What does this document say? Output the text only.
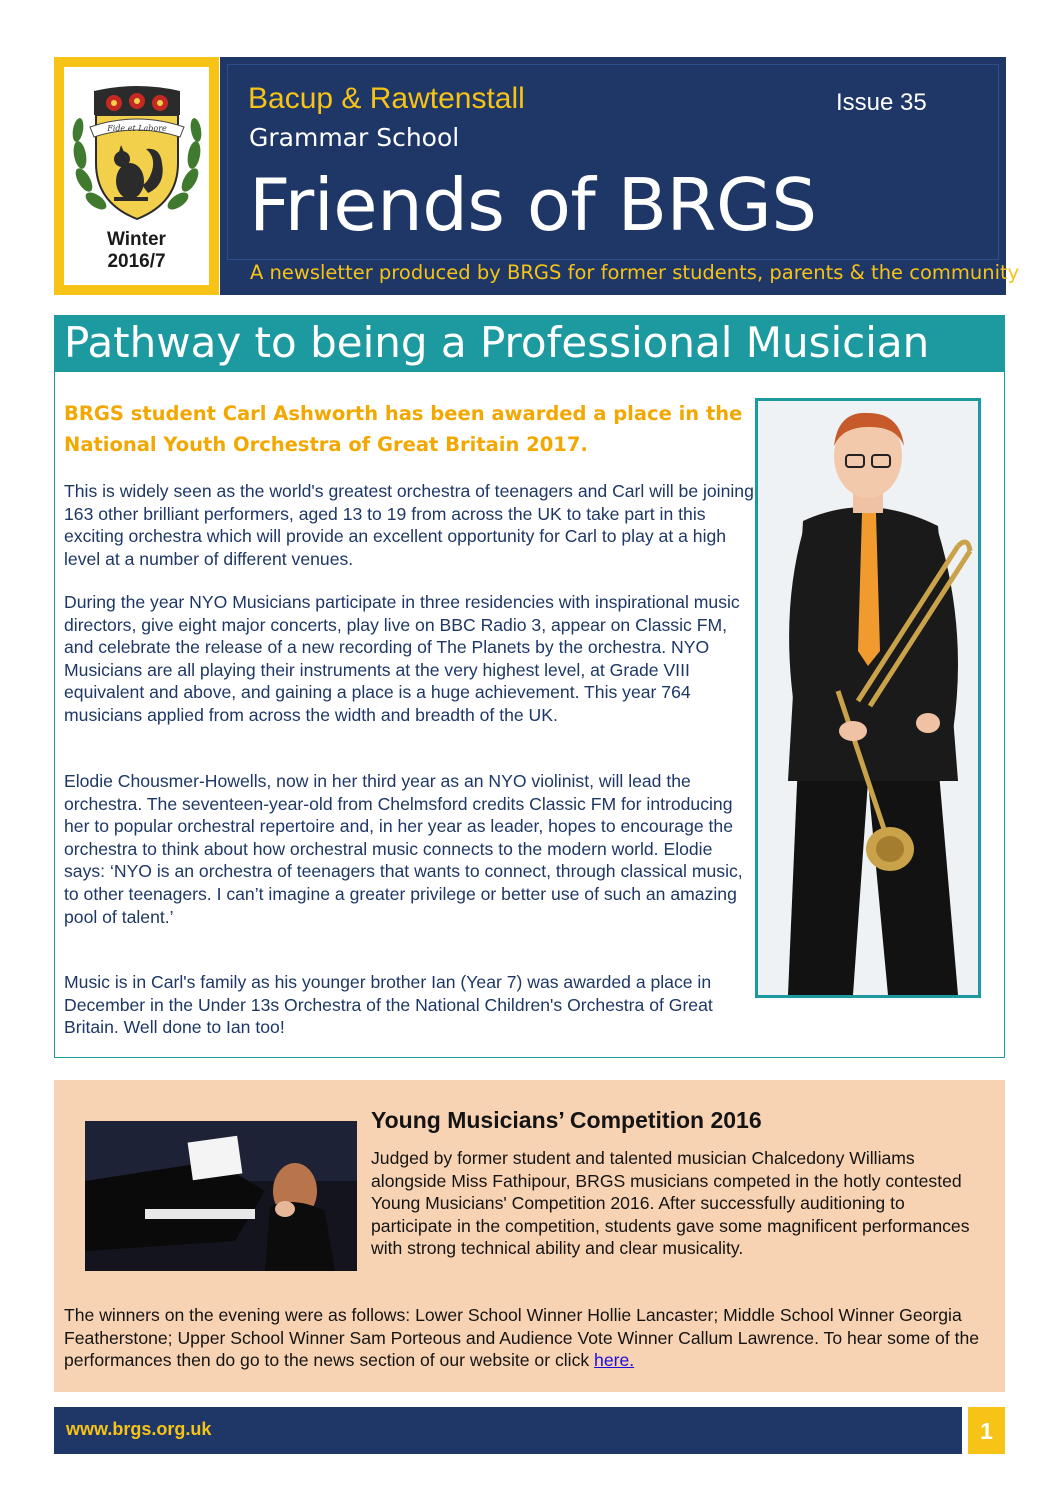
Fide et Labore
Winter
2016/7
Bacup & Rawtenstall
Grammar School
Issue 35
Friends of BRGS
A newsletter produced by BRGS for former students, parents & the community
Pathway to being a Professional Musician
BRGS student Carl Ashworth has been awarded a place in the National Youth Orchestra of Great Britain 2017.
This is widely seen as the world's greatest orchestra of teenagers and Carl will be joining 163 other brilliant performers, aged 13 to 19 from across the UK to take part in this exciting orchestra which will provide an excellent opportunity for Carl to play at a high level at a number of different venues.
During the year NYO Musicians participate in three residencies with inspirational music directors, give eight major concerts, play live on BBC Radio 3, appear on Classic FM, and celebrate the release of a new recording of The Planets by the orchestra. NYO Musicians are all playing their instruments at the very highest level, at Grade VIII equivalent and above, and gaining a place is a huge achievement. This year 764 musicians applied from across the width and breadth of the UK.
Elodie Chousmer-Howells, now in her third year as an NYO violinist, will lead the orchestra. The seventeen-year-old from Chelmsford credits Classic FM for introducing her to popular orchestral repertoire and, in her year as leader, hopes to encourage the orchestra to think about how orchestral music connects to the modern world. Elodie says: ‘NYO is an orchestra of teenagers that wants to connect, through classical music, to other teenagers. I can’t imagine a greater privilege or better use of such an amazing pool of talent.’
Music is in Carl's family as his younger brother Ian (Year 7) was awarded a place in December in the Under 13s Orchestra of the National Children's Orchestra of Great Britain. Well done to Ian too!
Young Musicians’ Competition 2016
Judged by former student and talented musician Chalcedony Williams alongside Miss Fathipour, BRGS musicians competed in the hotly contested Young Musicians' Competition 2016. After successfully auditioning to participate in the competition, students gave some magnificent performances with strong technical ability and clear musicality.
The winners on the evening were as follows: Lower School Winner Hollie Lancaster; Middle School Winner Georgia Featherstone; Upper School Winner Sam Porteous and Audience Vote Winner Callum Lawrence. To hear some of the performances then do go to the news section of our website or click here.
www.brgs.org.uk	1
